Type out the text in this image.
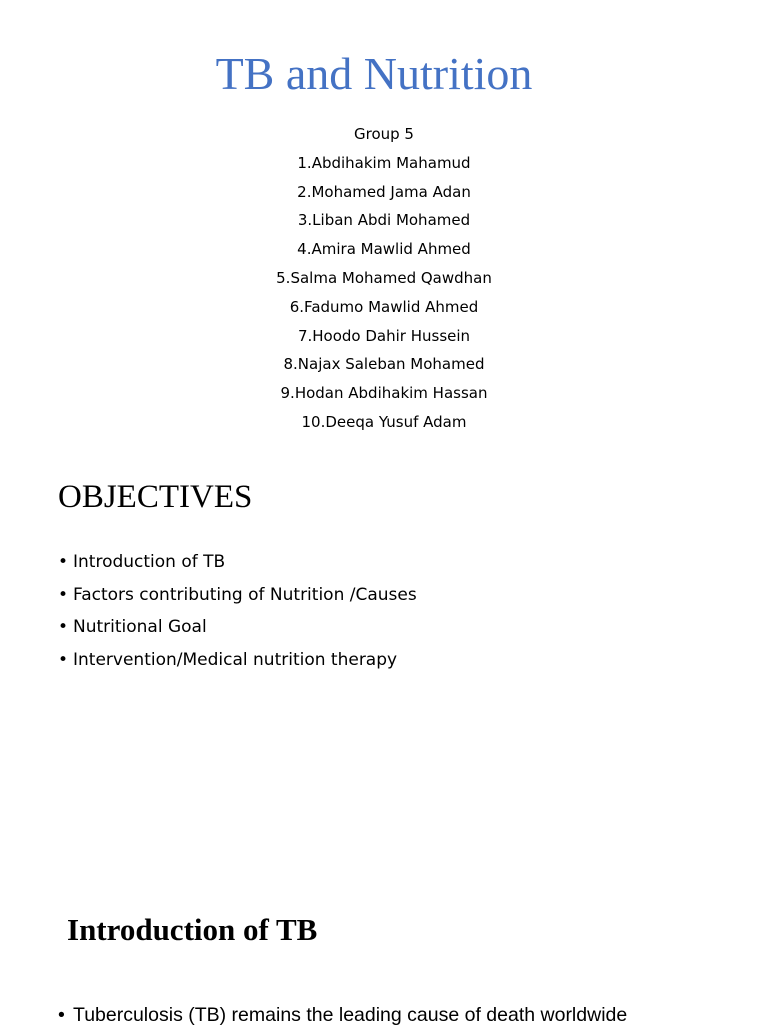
TB and Nutrition
Group 5
1.Abdihakim Mahamud
2.Mohamed Jama Adan
3.Liban Abdi Mohamed
4.Amira Mawlid Ahmed
5.Salma Mohamed Qawdhan
6.Fadumo Mawlid Ahmed
7.Hoodo Dahir Hussein
8.Najax Saleban Mohamed
9.Hodan Abdihakim Hassan
10.Deeqa Yusuf Adam
OBJECTIVES
• Introduction of TB
• Factors contributing of Nutrition /Causes
• Nutritional Goal
• Intervention/Medical nutrition therapy
Introduction of TB

• Tuberculosis (TB) remains the leading cause of death worldwide
